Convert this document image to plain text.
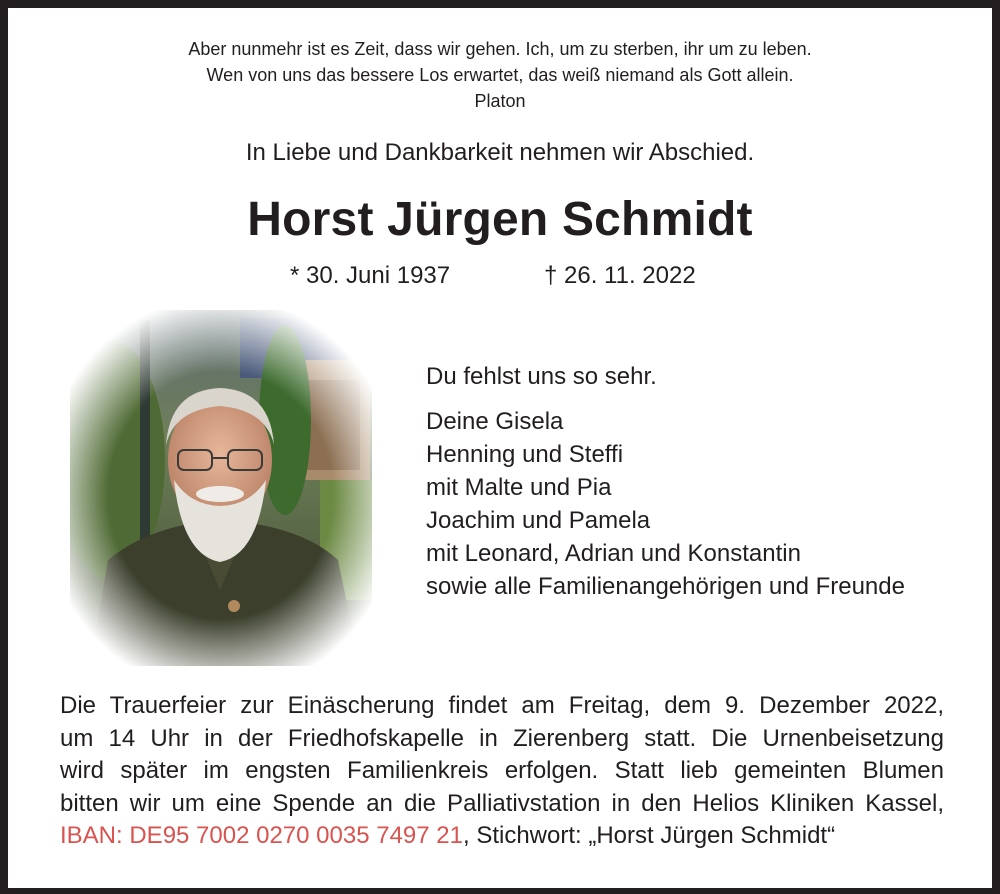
Aber nunmehr ist es Zeit, dass wir gehen. Ich, um zu sterben, ihr um zu leben.
Wen von uns das bessere Los erwartet, das weiß niemand als Gott allein.
Platon
In Liebe und Dankbarkeit nehmen wir Abschied.
Horst Jürgen Schmidt
* 30. Juni 1937	† 26. 11. 2022
Du fehlst uns so sehr.
Deine Gisela
Henning und Steffi
mit Malte und Pia
Joachim und Pamela
mit Leonard, Adrian und Konstantin
sowie alle Familienangehörigen und Freunde
Die Trauerfeier zur Einäscherung findet am Freitag, dem 9. Dezember 2022,
um 14 Uhr in der Friedhofskapelle in Zierenberg statt. Die Urnenbeisetzung
wird später im engsten Familienkreis erfolgen. Statt lieb gemeinten Blumen
bitten wir um eine Spende an die Palliativstation in den Helios Kliniken Kassel,
IBAN: DE95 7002 0270 0035 7497 21, Stichwort: „Horst Jürgen Schmidt“
